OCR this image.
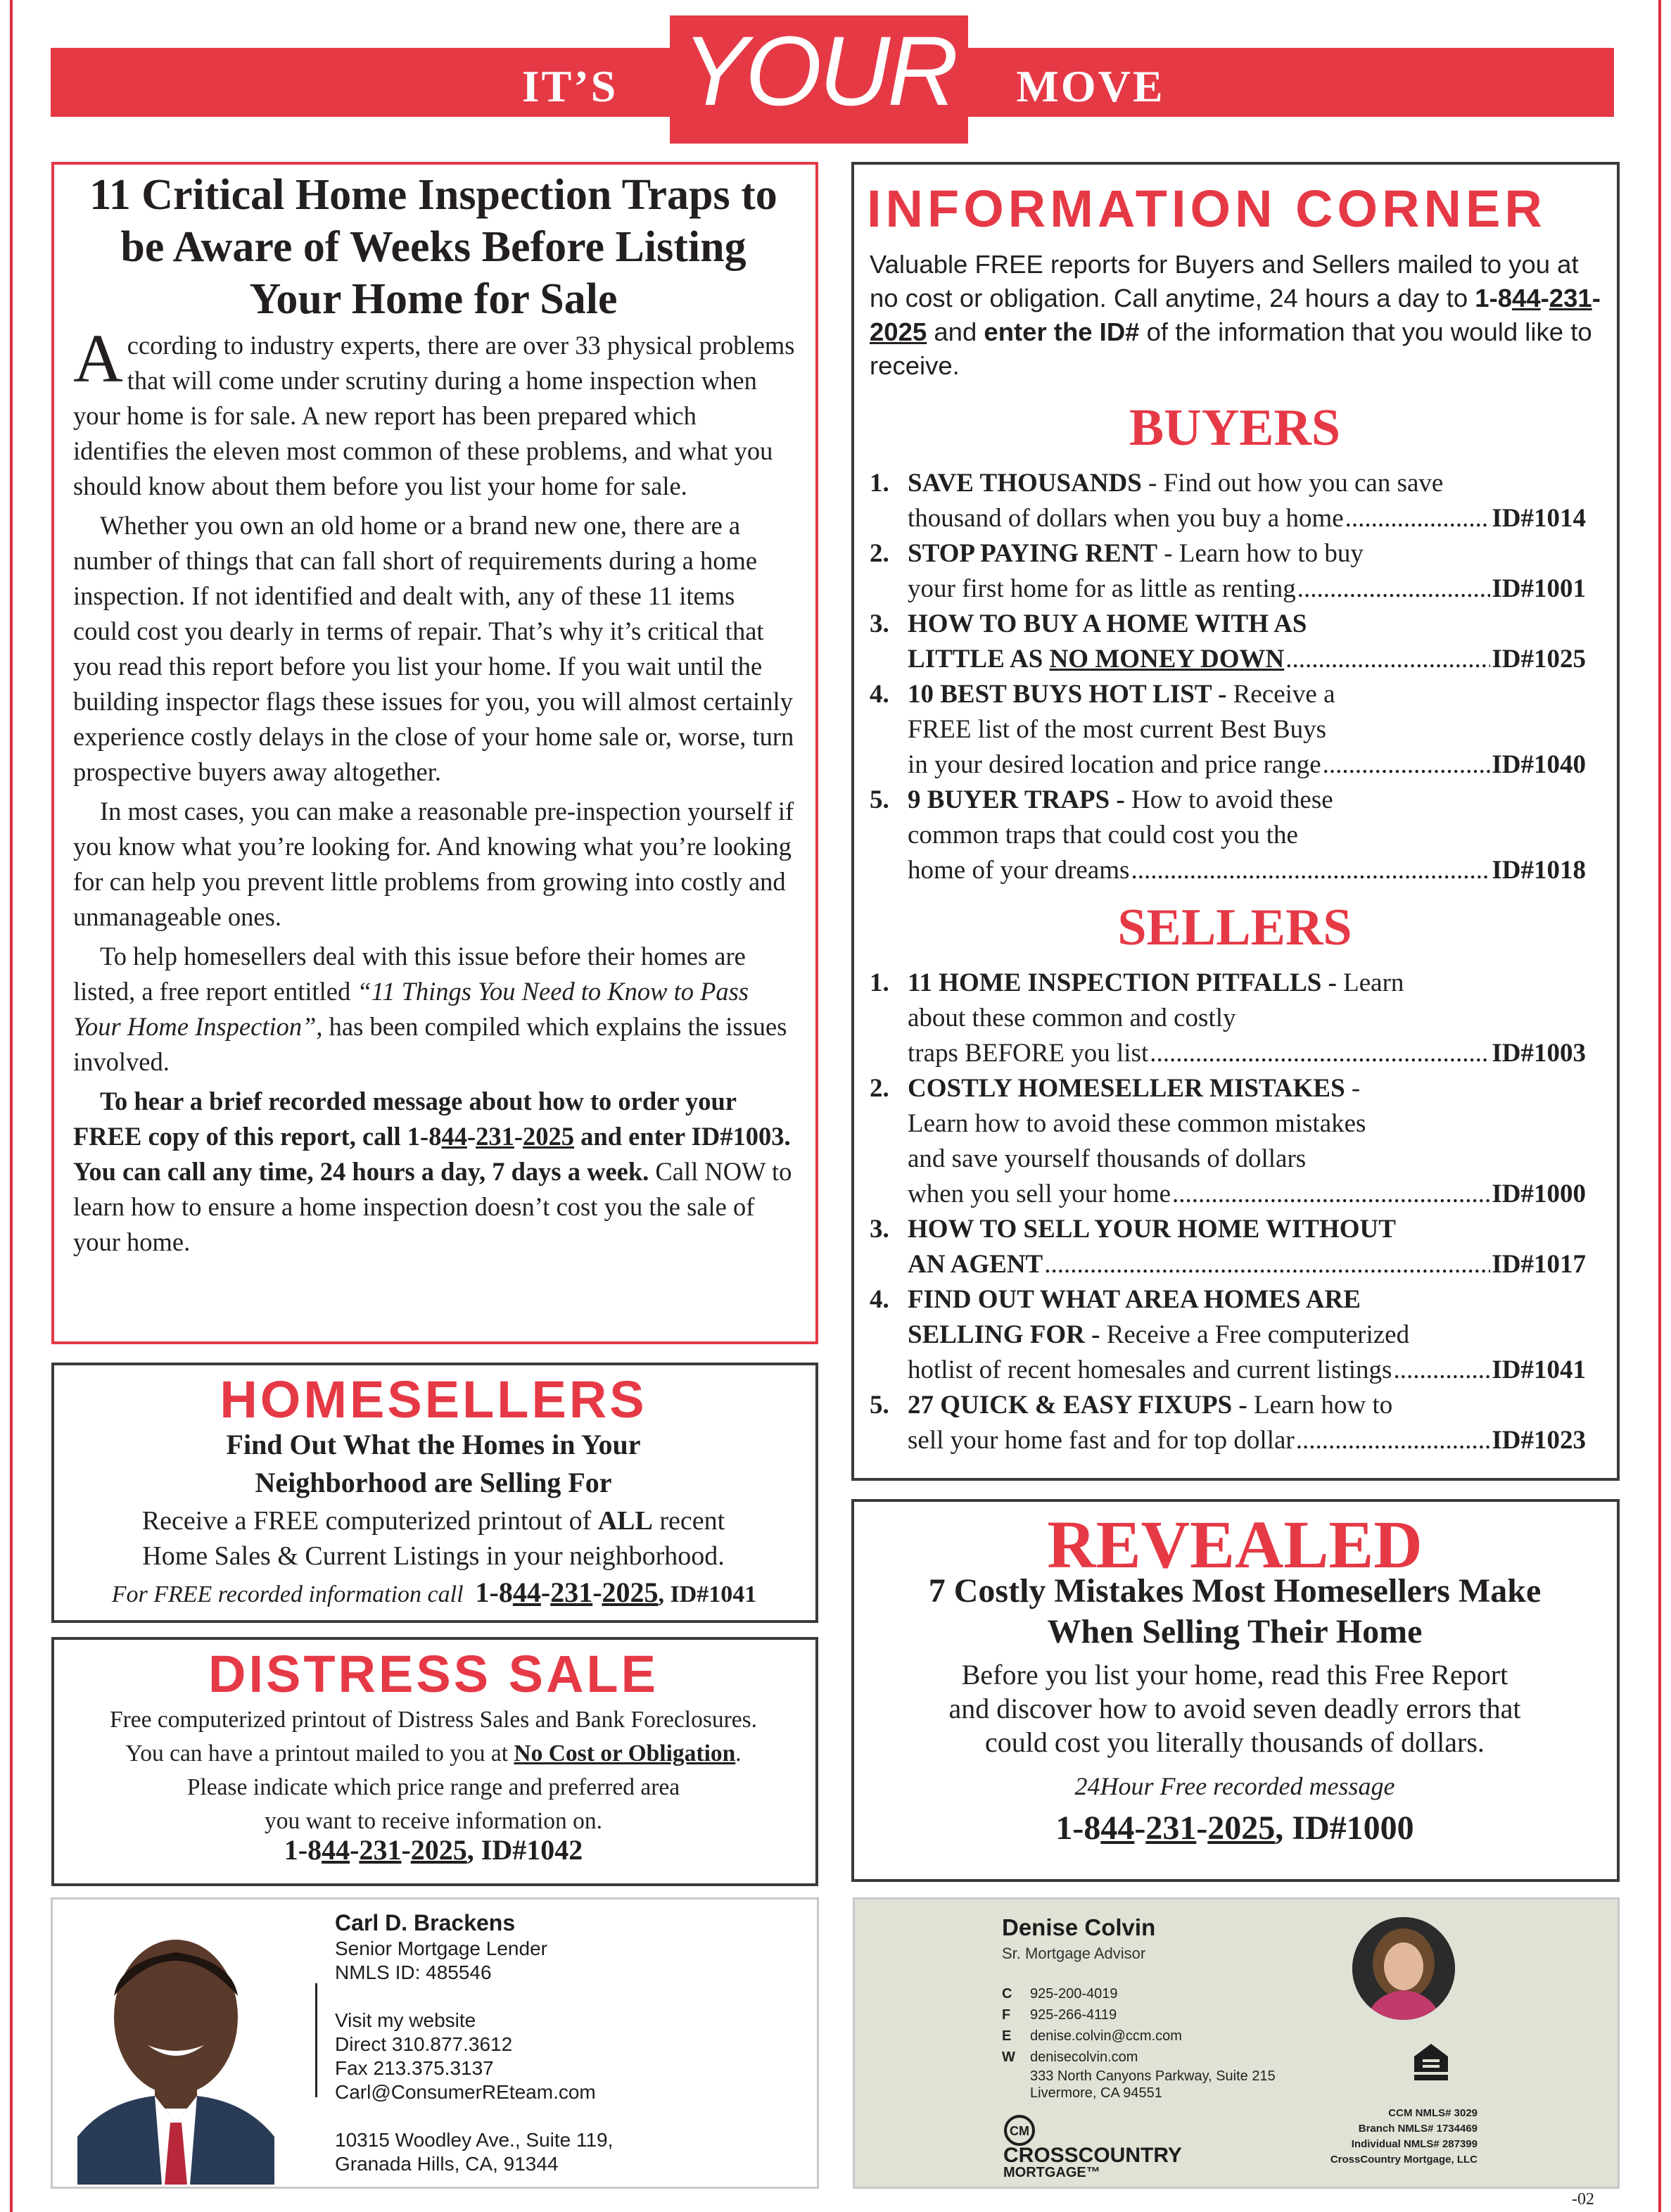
IT’S YOUR	MOVE
11 Critical Home Inspection Traps to be Aware of Weeks Before Listing Your Home for Sale

According to industry experts, there are over 33 physical problems that will come under scrutiny during a home inspection when your home is for sale. A new report has been prepared which identifies the eleven most common of these problems, and what you should know about them before you list your home for sale.

Whether you own an old home or a brand new one, there are a number of things that can fall short of requirements during a home inspection. If not identified and dealt with, any of these 11 items could cost you dearly in terms of repair. That’s why it’s critical that you read this report before you list your home. If you wait until the building inspector flags these issues for you, you will almost certainly experience costly delays in the close of your home sale or, worse, turn prospective buyers away altogether.

In most cases, you can make a reasonable pre-inspection yourself if you know what you’re looking for. And knowing what you’re looking for can help you prevent little problems from growing into costly and unmanageable ones.

To help homesellers deal with this issue before their homes are listed, a free report entitled “11 Things You Need to Know to Pass Your Home Inspection”, has been compiled which explains the issues involved.

To hear a brief recorded message about how to order your FREE copy of this report, call 1-844-231-2025 and enter ID#1003. You can call any time, 24 hours a day, 7 days a week. Call NOW to learn how to ensure a home inspection doesn’t cost you the sale of your home.

HOMESELLERS
Find Out What the Homes in Your
Neighborhood are Selling For
Receive a FREE computerized printout of ALL recent
Home Sales & Current Listings in your neighborhood.
For FREE recorded information call 1-844-231-2025, ID#1041
DISTRESS SALE
Free computerized printout of Distress Sales and Bank Foreclosures.
You can have a printout mailed to you at No Cost or Obligation.
Please indicate which price range and preferred area
you want to receive information on.
1-844-231-2025, ID#1042
INFORMATION CORNER
Valuable FREE reports for Buyers and Sellers mailed to you at no cost or obligation. Call anytime, 24 hours a day to 1-844-231-2025 and enter the ID# of the information that you would like to receive.
BUYERS
1. SAVE THOUSANDS - Find out how you can save
thousand of dollars when you buy a home .....	ID#1014
2. STOP PAYING RENT - Learn how to buy
your first home for as little as renting .....	ID#1001
3. HOW TO BUY A HOME WITH AS
LITTLE AS NO MONEY DOWN .....	ID#1025
4. 10 BEST BUYS HOT LIST - Receive a
FREE list of the most current Best Buys
in your desired location and price range .....	ID#1040
5. 9 BUYER TRAPS - How to avoid these
common traps that could cost you the
home of your dreams .....	ID#1018
SELLERS
1. 11 HOME INSPECTION PITFALLS - Learn
about these common and costly
traps BEFORE you list .....	ID#1003
2. COSTLY HOMESELLER MISTAKES -
Learn how to avoid these common mistakes
and save yourself thousands of dollars
when you sell your home .....	ID#1000
3. HOW TO SELL YOUR HOME WITHOUT
AN AGENT .....	ID#1017
4. FIND OUT WHAT AREA HOMES ARE
SELLING FOR - Receive a Free computerized
hotlist of recent homesales and current listings .....	ID#1041
5. 27 QUICK & EASY FIXUPS - Learn how to
sell your home fast and for top dollar .....	ID#1023
REVEALED
7 Costly Mistakes Most Homesellers Make
When Selling Their Home
Before you list your home, read this Free Report
and discover how to avoid seven deadly errors that
could cost you literally thousands of dollars.
24Hour Free recorded message
1-844-231-2025, ID#1000
Carl D. Brackens
Senior Mortgage Lender
NMLS ID: 485546
Visit my website
Direct 310.877.3612
Fax 213.375.3137
Carl@ConsumerREteam.com
10315 Woodley Ave., Suite 119,
Granada Hills, CA, 91344
Denise Colvin
Sr. Mortgage Advisor
C 925-200-4019
F 925-266-4119
E denise.colvin@ccm.com
W denisecolvin.com
333 North Canyons Parkway, Suite 215
Livermore, CA 94551
CM
CROSSCOUNTRY
MORTGAGE™
CCM NMLS# 3029
Branch NMLS# 1734469
Individual NMLS# 287399
CrossCountry Mortgage, LLC
-02
